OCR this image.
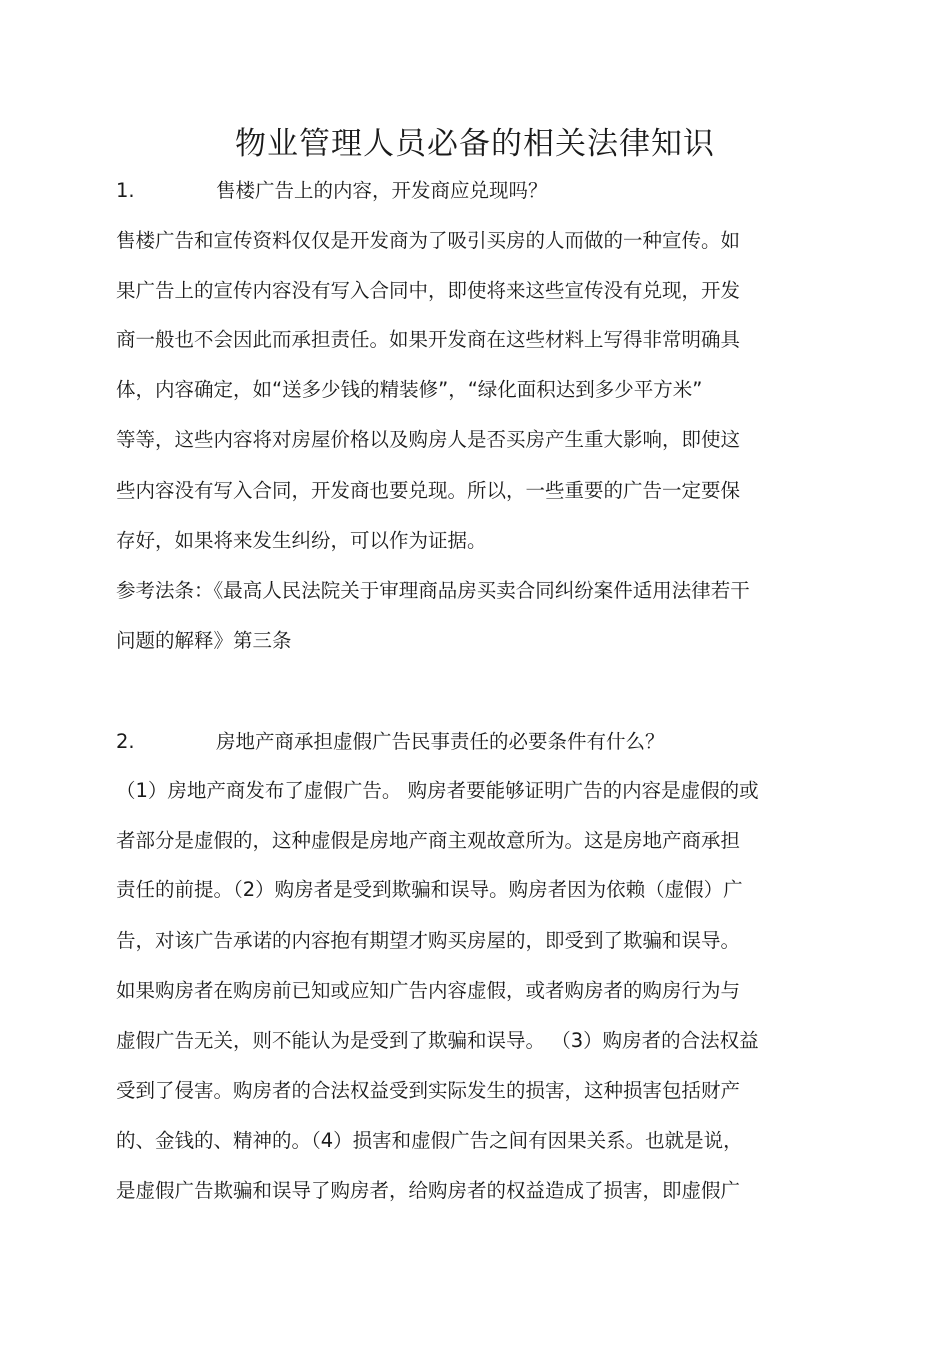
物业管理人员必备的相关法律知识
1.	售楼广告上的内容，开发商应兑现吗？
售楼广告和宣传资料仅仅是开发商为了吸引买房的人而做的一种宣传。如
果广告上的宣传内容没有写入合同中，即使将来这些宣传没有兑现，开发
商一般也不会因此而承担责任。如果开发商在这些材料上写得非常明确具
体，内容确定，如“送多少钱的精装修”，“绿化面积达到多少平方米”
等等，这些内容将对房屋价格以及购房人是否买房产生重大影响，即使这
些内容没有写入合同，开发商也要兑现。所以，一些重要的广告一定要保
存好，如果将来发生纠纷，可以作为证据。
参考法条：《最高人民法院关于审理商品房买卖合同纠纷案件适用法律若干
问题的解释》第三条
2.	房地产商承担虚假广告民事责任的必要条件有什么？
（1）房地产商发布了虚假广告。 购房者要能够证明广告的内容是虚假的或
者部分是虚假的，这种虚假是房地产商主观故意所为。这是房地产商承担
责任的前提。（2）购房者是受到欺骗和误导。购房者因为依赖（虚假）广
告，对该广告承诺的内容抱有期望才购买房屋的，即受到了欺骗和误导。
如果购房者在购房前已知或应知广告内容虚假，或者购房者的购房行为与
虚假广告无关，则不能认为是受到了欺骗和误导。 （3）购房者的合法权益
受到了侵害。购房者的合法权益受到实际发生的损害，这种损害包括财产
的、金钱的、精神的。（4）损害和虚假广告之间有因果关系。也就是说，
是虚假广告欺骗和误导了购房者，给购房者的权益造成了损害，即虚假广
